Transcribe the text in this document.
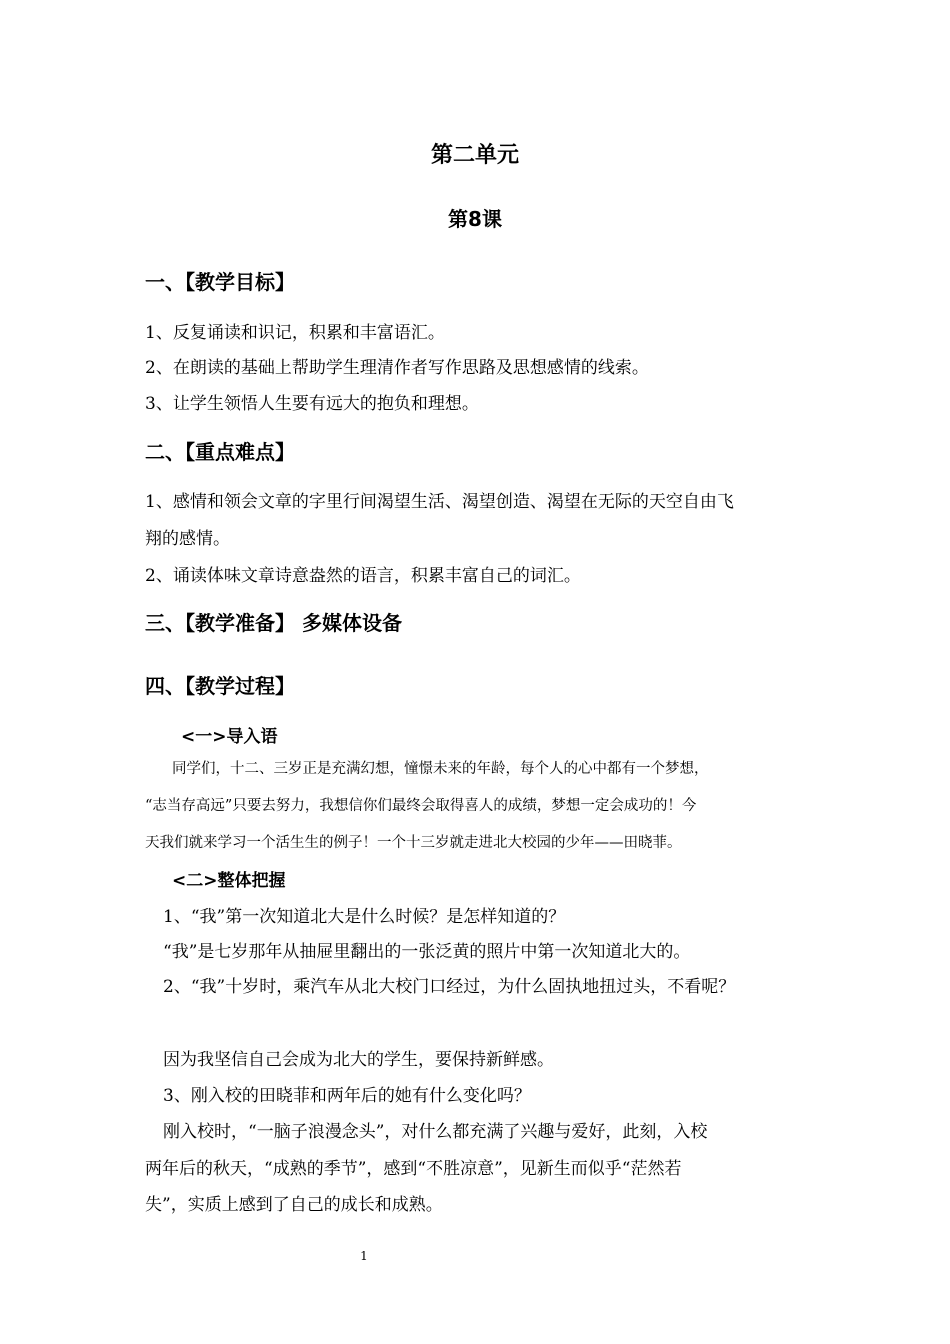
第二单元
第8课
一、【教学目标】
1、反复诵读和识记，积累和丰富语汇。
2、在朗读的基础上帮助学生理清作者写作思路及思想感情的线索。
3、让学生领悟人生要有远大的抱负和理想。
二、【重点难点】
1、感情和领会文章的字里行间渴望生活、渴望创造、渴望在无际的天空自由飞
翔的感情。
2、诵读体味文章诗意盎然的语言，积累丰富自己的词汇。
三、【教学准备】 多媒体设备
四、【教学过程】
<一>导入语
同学们，十二、三岁正是充满幻想，憧憬未来的年龄，每个人的心中都有一个梦想，
“志当存高远”只要去努力，我想信你们最终会取得喜人的成绩，梦想一定会成功的！今
天我们就来学习一个活生生的例子！一个十三岁就走进北大校园的少年——田晓菲。
<二>整体把握
1、“我”第一次知道北大是什么时候？是怎样知道的？
“我”是七岁那年从抽屉里翻出的一张泛黄的照片中第一次知道北大的。
2、“我”十岁时，乘汽车从北大校门口经过，为什么固执地扭过头，不看呢？
因为我坚信自己会成为北大的学生，要保持新鲜感。
3、刚入校的田晓菲和两年后的她有什么变化吗？
刚入校时，“一脑子浪漫念头”，对什么都充满了兴趣与爱好，此刻，入校
两年后的秋天，“成熟的季节”，感到“不胜凉意”，见新生而似乎“茫然若
失”，实质上感到了自己的成长和成熟。
1
